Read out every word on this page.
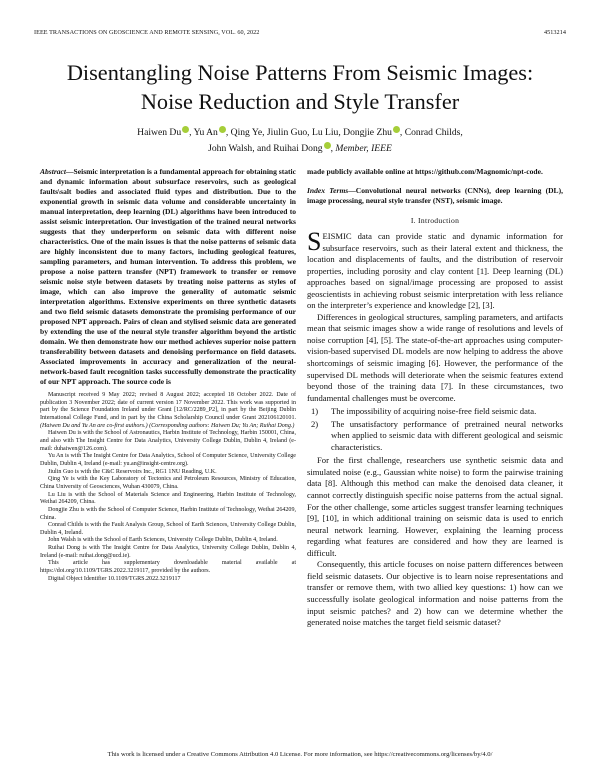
IEEE TRANSACTIONS ON GEOSCIENCE AND REMOTE SENSING, VOL. 60, 2022	4513214
Disentangling Noise Patterns From Seismic Images:
Noise Reduction and Style Transfer
Haiwen Du , Yu An , Qing Ye, Jiulin Guo, Lu Liu, Dongjie Zhu , Conrad Childs,
John Walsh, and Ruihai Dong , Member, IEEE

Abstract—Seismic interpretation is a fundamental approach for obtaining static and dynamic information about subsurface reservoirs, such as geological faults\salt bodies and associated fluid types and distribution. Due to the exponential growth in seismic data volume and considerable uncertainty in manual interpretation, deep learning (DL) algorithms have been introduced to assist seismic interpretation. Our investigation of the trained neural networks suggests that they underperform on seismic data with different noise characteristics. One of the main issues is that the noise patterns of seismic data are highly inconsistent due to many factors, including geological features, sampling parameters, and human intervention. To address this problem, we propose a noise pattern transfer (NPT) framework to transfer or remove seismic noise style between datasets by treating noise patterns as styles of image, which can also improve the generality of automatic seismic interpretation algorithms. Extensive experiments on three synthetic datasets and two field seismic datasets demonstrate the promising performance of our proposed NPT approach. Pairs of clean and stylised seismic data are generated by extending the use of the neural style transfer algorithm beyond the artistic domain. We then demonstrate how our method achieves superior noise pattern transferability between datasets and denoising performance on field datasets. Associated improvements in accuracy and generalization of the neural-network-based fault recognition tasks successfully demonstrate the practicality of our NPT approach. The source code is

Manuscript received 9 May 2022; revised 8 August 2022; accepted 18 October 2022. Date of publication 3 November 2022; date of current version 17 November 2022. This work was supported in part by the Science Foundation Ireland under Grant [12/RC/2289_P2], in part by the Beijing Dublin International College Fund, and in part by the China Scholarship Council under Grant 202106120101. (Haiwen Du and Yu An are co-first authors.) (Corresponding authors: Haiwen Du; Yu An; Ruihai Dong.)

Haiwen Du is with the School of Astronautics, Harbin Institute of Technology, Harbin 150001, China, and also with The Insight Centre for Data Analytics, University College Dublin, Dublin 4, Ireland (e-mail: duhaiwen@126.com).

Yu An is with The Insight Centre for Data Analytics, School of Computer Science, University College Dublin, Dublin 4, Ireland (e-mail: yu.an@insight-centre.org).

Jiulin Guo is with the C&C Reservoirs Inc., RG1 1NU Reading, U.K.

Qing Ye is with the Key Laboratory of Tectonics and Petroleum Resources, Ministry of Education, China University of Geosciences, Wuhan 430079, China.

Lu Liu is with the School of Materials Science and Engineering, Harbin Institute of Technology, Weihai 264209, China.

Dongjie Zhu is with the School of Computer Science, Harbin Institute of Technology, Weihai 264209, China.

Conrad Childs is with the Fault Analysis Group, School of Earth Sciences, University College Dublin, Dublin 4, Ireland.

John Walsh is with the School of Earth Sciences, University College Dublin, Dublin 4, Ireland.

Ruihai Dong is with The Insight Centre for Data Analytics, University College Dublin, Dublin 4, Ireland (e-mail: ruihai.dong@ucd.ie).

This article has supplementary downloadable material available at https://doi.org/10.1109/TGRS.2022.3219117, provided by the authors.

Digital Object Identifier 10.1109/TGRS.2022.3219117

made publicly available online at https://github.com/Magnomic/npt-code.

Index Terms—Convolutional neural networks (CNNs), deep learning (DL), image processing, neural style transfer (NST), seismic image.

I. Introduction

SEISMIC data can provide static and dynamic information for subsurface reservoirs, such as their lateral extent and thickness, the location and displacements of faults, and the distribution of reservoir properties, including porosity and clay content [1]. Deep learning (DL) approaches based on signal/image processing are proposed to assist geoscientists in achieving robust seismic interpretation with less reliance on the interpreter’s experience and knowledge [2], [3].

Differences in geological structures, sampling parameters, and artifacts mean that seismic images show a wide range of resolutions and levels of noise corruption [4], [5]. The state-of-the-art approaches using computer-vision-based supervised DL models are now helping to address the above shortcomings of seismic imaging [6]. However, the performance of the supervised DL methods will deteriorate when the seismic features extend beyond those of the training data [7]. In these circumstances, two fundamental challenges must be overcome.

1) The impossibility of acquiring noise-free field seismic data.
2) The unsatisfactory performance of pretrained neural networks when applied to seismic data with different geological and seismic characteristics.

For the first challenge, researchers use synthetic seismic data and simulated noise (e.g., Gaussian white noise) to form the pairwise training data [8]. Although this method can make the denoised data cleaner, it cannot correctly distinguish specific noise patterns from the actual signal. For the other challenge, some articles suggest transfer learning techniques [9], [10], in which additional training on seismic data is used to enrich neural network learning. However, explaining the learning process regarding what features are considered and how they are learned is difficult.

Consequently, this article focuses on noise pattern differences between field seismic datasets. Our objective is to learn noise representations and transfer or remove them, with two allied key questions: 1) how can we successfully isolate geological information and noise patterns from the input seismic patches? and 2) how can we determine whether the generated noise matches the target field seismic dataset?

This work is licensed under a Creative Commons Attribution 4.0 License. For more information, see https://creativecommons.org/licenses/by/4.0/
